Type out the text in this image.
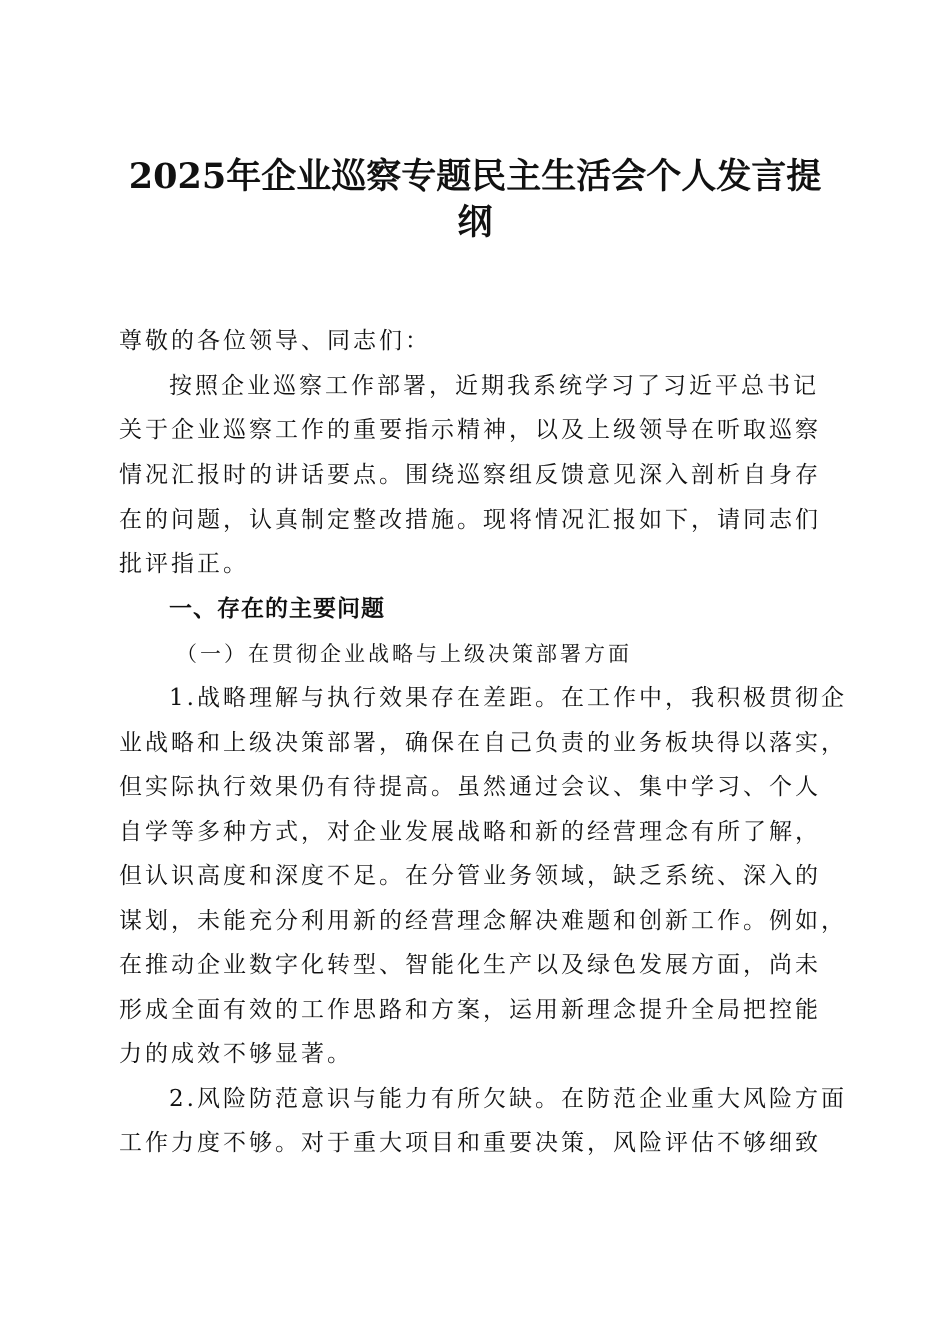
2025年企业巡察专题民主生活会个人发言提
纲
尊敬的各位领导、同志们：
按照企业巡察工作部署，近期我系统学习了习近平总书记
关于企业巡察工作的重要指示精神，以及上级领导在听取巡察
情况汇报时的讲话要点。围绕巡察组反馈意见深入剖析自身存
在的问题，认真制定整改措施。现将情况汇报如下，请同志们
批评指正。
一、存在的主要问题
（一）在贯彻企业战略与上级决策部署方面
1.战略理解与执行效果存在差距。在工作中，我积极贯彻企
业战略和上级决策部署，确保在自己负责的业务板块得以落实，
但实际执行效果仍有待提高。虽然通过会议、集中学习、个人
自学等多种方式，对企业发展战略和新的经营理念有所了解，
但认识高度和深度不足。在分管业务领域，缺乏系统、深入的
谋划，未能充分利用新的经营理念解决难题和创新工作。例如，
在推动企业数字化转型、智能化生产以及绿色发展方面，尚未
形成全面有效的工作思路和方案，运用新理念提升全局把控能
力的成效不够显著。
2.风险防范意识与能力有所欠缺。在防范企业重大风险方面
工作力度不够。对于重大项目和重要决策，风险评估不够细致
